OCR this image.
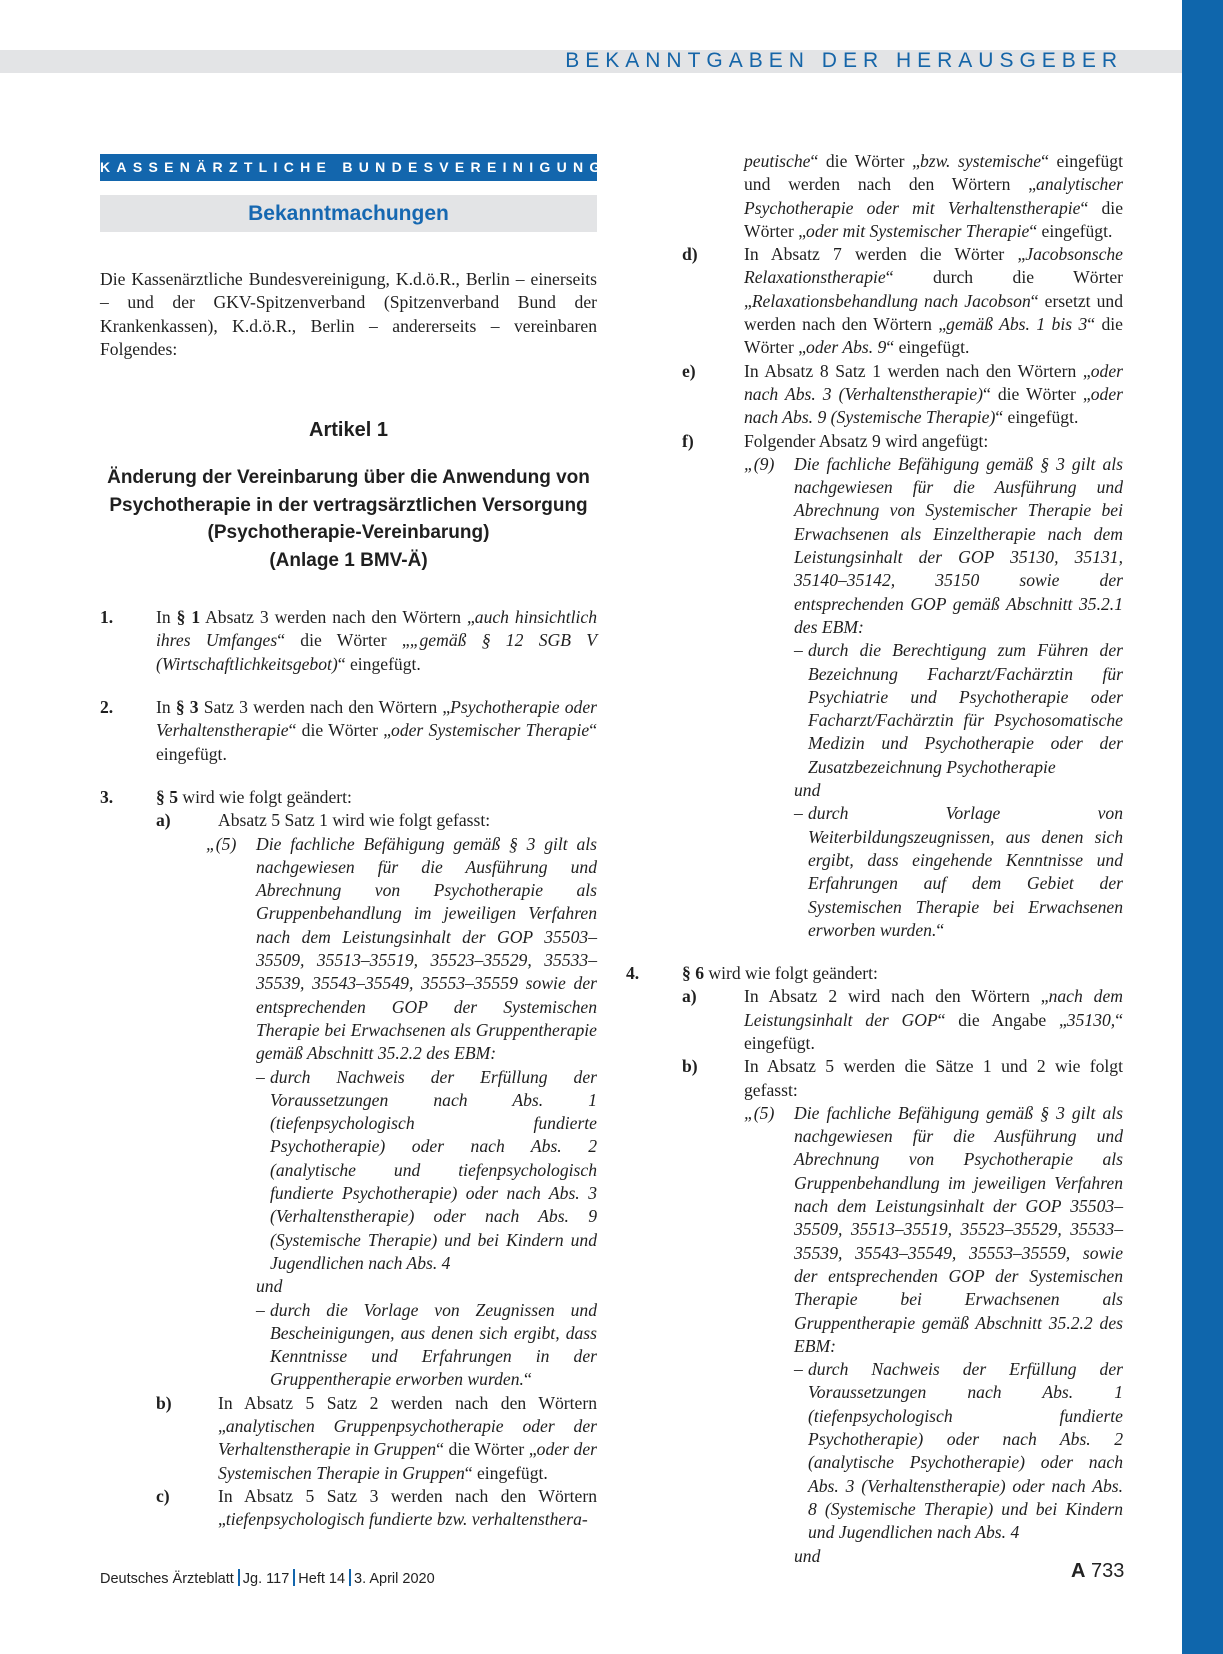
BEKANNTGABEN DER HERAUSGEBER
KASSENÄRZTLICHE BUNDESVEREINIGUNG
Bekanntmachungen

Die Kassenärztliche Bundesvereinigung, K.d.ö.R., Berlin – einerseits – und der GKV-Spitzenverband (Spitzenverband Bund der Krankenkassen), K.d.ö.R., Berlin – andererseits – vereinbaren Folgendes:

Artikel 1
Änderung der Vereinbarung über die Anwendung von
Psychotherapie in der vertragsärztlichen Versorgung
(Psychotherapie-Vereinbarung)
(Anlage 1 BMV-Ä)
1. In § 1 Absatz 3 werden nach den Wörtern „auch hinsichtlich ihres Umfanges“ die Wörter „„gemäß § 12 SGB V (Wirtschaftlichkeitsgebot)“ eingefügt.
2. In § 3 Satz 3 werden nach den Wörtern „Psychotherapie oder Verhaltenstherapie“ die Wörter „oder Systemischer Therapie“ eingefügt.
3. § 5 wird wie folgt geändert:
a)	Absatz 5 Satz 1 wird wie folgt gefasst:
„(5) Die fachliche Befähigung gemäß § 3 gilt als nachgewiesen für die Ausführung und Abrechnung von Psychotherapie als Gruppenbehandlung im jeweiligen Verfahren nach dem Leistungsinhalt der GOP 35503–35509, 35513–35519, 35523–35529, 35533–35539, 35543–35549, 35553–35559 sowie der entsprechenden GOP der Systemischen Therapie bei Erwachsenen als Gruppentherapie gemäß Abschnitt 35.2.2 des EBM:
– durch Nachweis der Erfüllung der Voraussetzungen nach Abs. 1 (tiefenpsychologisch fundierte Psychotherapie) oder nach Abs. 2 (analytische und tiefenpsychologisch fundierte Psychotherapie) oder nach Abs. 3 (Verhaltenstherapie) oder nach Abs. 9 (Systemische Therapie) und bei Kindern und Jugendlichen nach Abs. 4
und
– durch die Vorlage von Zeugnissen und Bescheinigungen, aus denen sich ergibt, dass Kenntnisse und Erfahrungen in der Gruppentherapie erworben wurden.“
b)	In Absatz 5 Satz 2 werden nach den Wörtern „analytischen Gruppenpsychotherapie oder der Verhaltenstherapie in Gruppen“ die Wörter „oder der Systemischen Therapie in Gruppen“ eingefügt.
c)	In Absatz 5 Satz 3 werden nach den Wörtern „tiefenpsychologisch fundierte bzw. verhaltensthera-
peutische“ die Wörter „bzw. systemische“ eingefügt und werden nach den Wörtern „analytischer Psychotherapie oder mit Verhaltenstherapie“ die Wörter „oder mit Systemischer Therapie“ eingefügt.
d)	In Absatz 7 werden die Wörter „Jacobsonsche Relaxationstherapie“ durch die Wörter „Relaxationsbehandlung nach Jacobson“ ersetzt und werden nach den Wörtern „gemäß Abs. 1 bis 3“ die Wörter „oder Abs. 9“ eingefügt.
e)	In Absatz 8 Satz 1 werden nach den Wörtern „oder nach Abs. 3 (Verhaltenstherapie)“ die Wörter „oder nach Abs. 9 (Systemische Therapie)“ eingefügt.
f)	Folgender Absatz 9 wird angefügt:
„(9) Die fachliche Befähigung gemäß § 3 gilt als nachgewiesen für die Ausführung und Abrechnung von Systemischer Therapie bei Erwachsenen als Einzeltherapie nach dem Leistungsinhalt der GOP 35130, 35131, 35140–35142, 35150 sowie der entsprechenden GOP gemäß Abschnitt 35.2.1 des EBM:
– durch die Berechtigung zum Führen der Bezeichnung Facharzt/Fachärztin für Psychiatrie und Psychotherapie oder Facharzt/Fachärztin für Psychosomatische Medizin und Psychotherapie oder der Zusatzbezeichnung Psychotherapie
und
– durch Vorlage von Weiterbildungszeugnissen, aus denen sich ergibt, dass eingehende Kenntnisse und Erfahrungen auf dem Gebiet der Systemischen Therapie bei Erwachsenen erworben wurden.“
4. § 6 wird wie folgt geändert:
a)	In Absatz 2 wird nach den Wörtern „nach dem Leistungsinhalt der GOP“ die Angabe „35130,“ eingefügt.
b)	In Absatz 5 werden die Sätze 1 und 2 wie folgt gefasst:
„(5) Die fachliche Befähigung gemäß § 3 gilt als nachgewiesen für die Ausführung und Abrechnung von Psychotherapie als Gruppenbehandlung im jeweiligen Verfahren nach dem Leistungsinhalt der GOP 35503–35509, 35513–35519, 35523–35529, 35533–35539, 35543–35549, 35553–35559, sowie der entsprechenden GOP der Systemischen Therapie bei Erwachsenen als Gruppentherapie gemäß Abschnitt 35.2.2 des EBM:
– durch Nachweis der Erfüllung der Voraussetzungen nach Abs. 1 (tiefenpsychologisch fundierte Psychotherapie) oder nach Abs. 2 (analytische Psychotherapie) oder nach Abs. 3 (Verhaltenstherapie) oder nach Abs. 8 (Systemische Therapie) und bei Kindern und Jugendlichen nach Abs. 4
und
Deutsches Ärzteblatt Jg. 117 Heft 14 3. April 2020	A 733
